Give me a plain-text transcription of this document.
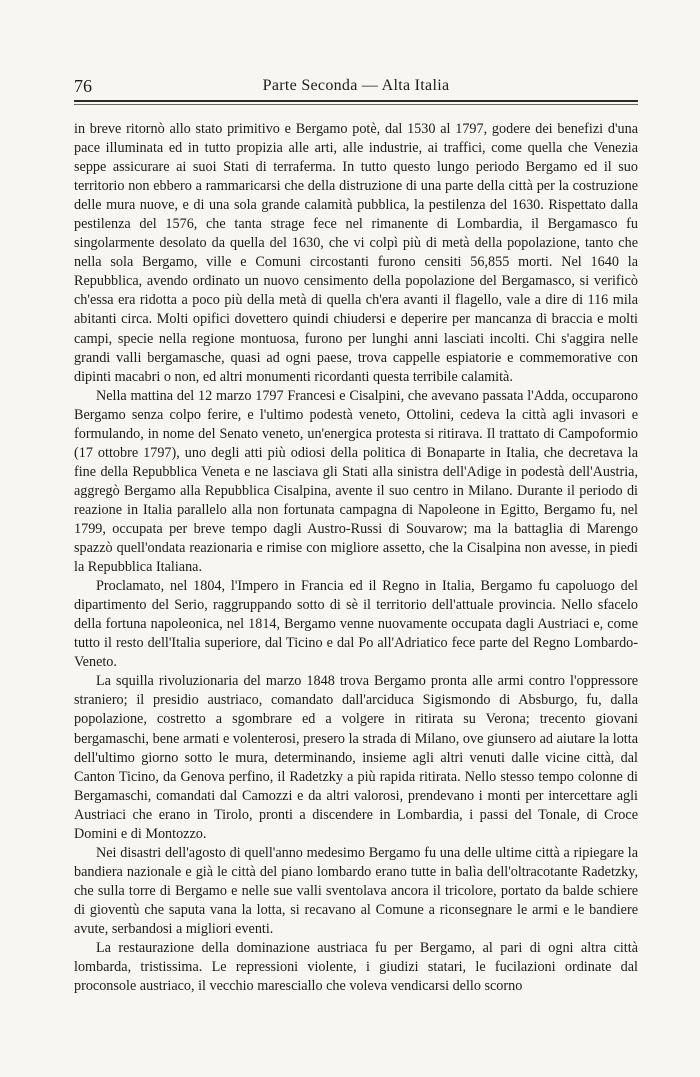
76	Parte Seconda — Alta Italia

in breve ritornò allo stato primitivo e Bergamo potè, dal 1530 al 1797, godere dei benefizi d'una pace illuminata ed in tutto propizia alle arti, alle industrie, ai traffici, come quella che Venezia seppe assicurare ai suoi Stati di terraferma. In tutto questo lungo periodo Bergamo ed il suo territorio non ebbero a rammaricarsi che della distruzione di una parte della città per la costruzione delle mura nuove, e di una sola grande calamità pubblica, la pestilenza del 1630. Rispettato dalla pestilenza del 1576, che tanta strage fece nel rimanente di Lombardia, il Bergamasco fu singolarmente desolato da quella del 1630, che vi colpì più di metà della popolazione, tanto che nella sola Bergamo, ville e Comuni circostanti furono censiti 56,855 morti. Nel 1640 la Repubblica, avendo ordinato un nuovo censimento della popolazione del Bergamasco, si verificò ch'essa era ridotta a poco più della metà di quella ch'era avanti il flagello, vale a dire di 116 mila abitanti circa. Molti opifici dovettero quindi chiudersi e deperire per mancanza di braccia e molti campi, specie nella regione montuosa, furono per lunghi anni lasciati incolti. Chi s'aggira nelle grandi valli bergamasche, quasi ad ogni paese, trova cappelle espiatorie e commemorative con dipinti macabri o non, ed altri monumenti ricordanti questa terribile calamità.

Nella mattina del 12 marzo 1797 Francesi e Cisalpini, che avevano passata l'Adda, occuparono Bergamo senza colpo ferire, e l'ultimo podestà veneto, Ottolini, cedeva la città agli invasori e formulando, in nome del Senato veneto, un'energica protesta si ritirava. Il trattato di Campoformio (17 ottobre 1797), uno degli atti più odiosi della politica di Bonaparte in Italia, che decretava la fine della Repubblica Veneta e ne lasciava gli Stati alla sinistra dell'Adige in podestà dell'Austria, aggregò Bergamo alla Repubblica Cisalpina, avente il suo centro in Milano. Durante il periodo di reazione in Italia parallelo alla non fortunata campagna di Napoleone in Egitto, Bergamo fu, nel 1799, occupata per breve tempo dagli Austro-Russi di Souvarow; ma la battaglia di Marengo spazzò quell'ondata reazionaria e rimise con migliore assetto, che la Cisalpina non avesse, in piedi la Repubblica Italiana.

Proclamato, nel 1804, l'Impero in Francia ed il Regno in Italia, Bergamo fu capoluogo del dipartimento del Serio, raggruppando sotto di sè il territorio dell'attuale provincia. Nello sfacelo della fortuna napoleonica, nel 1814, Bergamo venne nuovamente occupata dagli Austriaci e, come tutto il resto dell'Italia superiore, dal Ticino e dal Po all'Adriatico fece parte del Regno Lombardo-Veneto.

La squilla rivoluzionaria del marzo 1848 trova Bergamo pronta alle armi contro l'oppressore straniero; il presidio austriaco, comandato dall'arciduca Sigismondo di Absburgo, fu, dalla popolazione, costretto a sgombrare ed a volgere in ritirata su Verona; trecento giovani bergamaschi, bene armati e volenterosi, presero la strada di Milano, ove giunsero ad aiutare la lotta dell'ultimo giorno sotto le mura, determinando, insieme agli altri venuti dalle vicine città, dal Canton Ticino, da Genova perfino, il Radetzky a più rapida ritirata. Nello stesso tempo colonne di Bergamaschi, comandati dal Camozzi e da altri valorosi, prendevano i monti per intercettare agli Austriaci che erano in Tirolo, pronti a discendere in Lombardia, i passi del Tonale, di Croce Domini e di Montozzo.

Nei disastri dell'agosto di quell'anno medesimo Bergamo fu una delle ultime città a ripiegare la bandiera nazionale e già le città del piano lombardo erano tutte in balìa dell'oltracotante Radetzky, che sulla torre di Bergamo e nelle sue valli sventolava ancora il tricolore, portato da balde schiere di gioventù che saputa vana la lotta, si recavano al Comune a riconsegnare le armi e le bandiere avute, serbandosi a migliori eventi.

La restaurazione della dominazione austriaca fu per Bergamo, al pari di ogni altra città lombarda, tristissima. Le repressioni violente, i giudizi statari, le fucilazioni ordinate dal proconsole austriaco, il vecchio maresciallo che voleva vendicarsi dello scorno
